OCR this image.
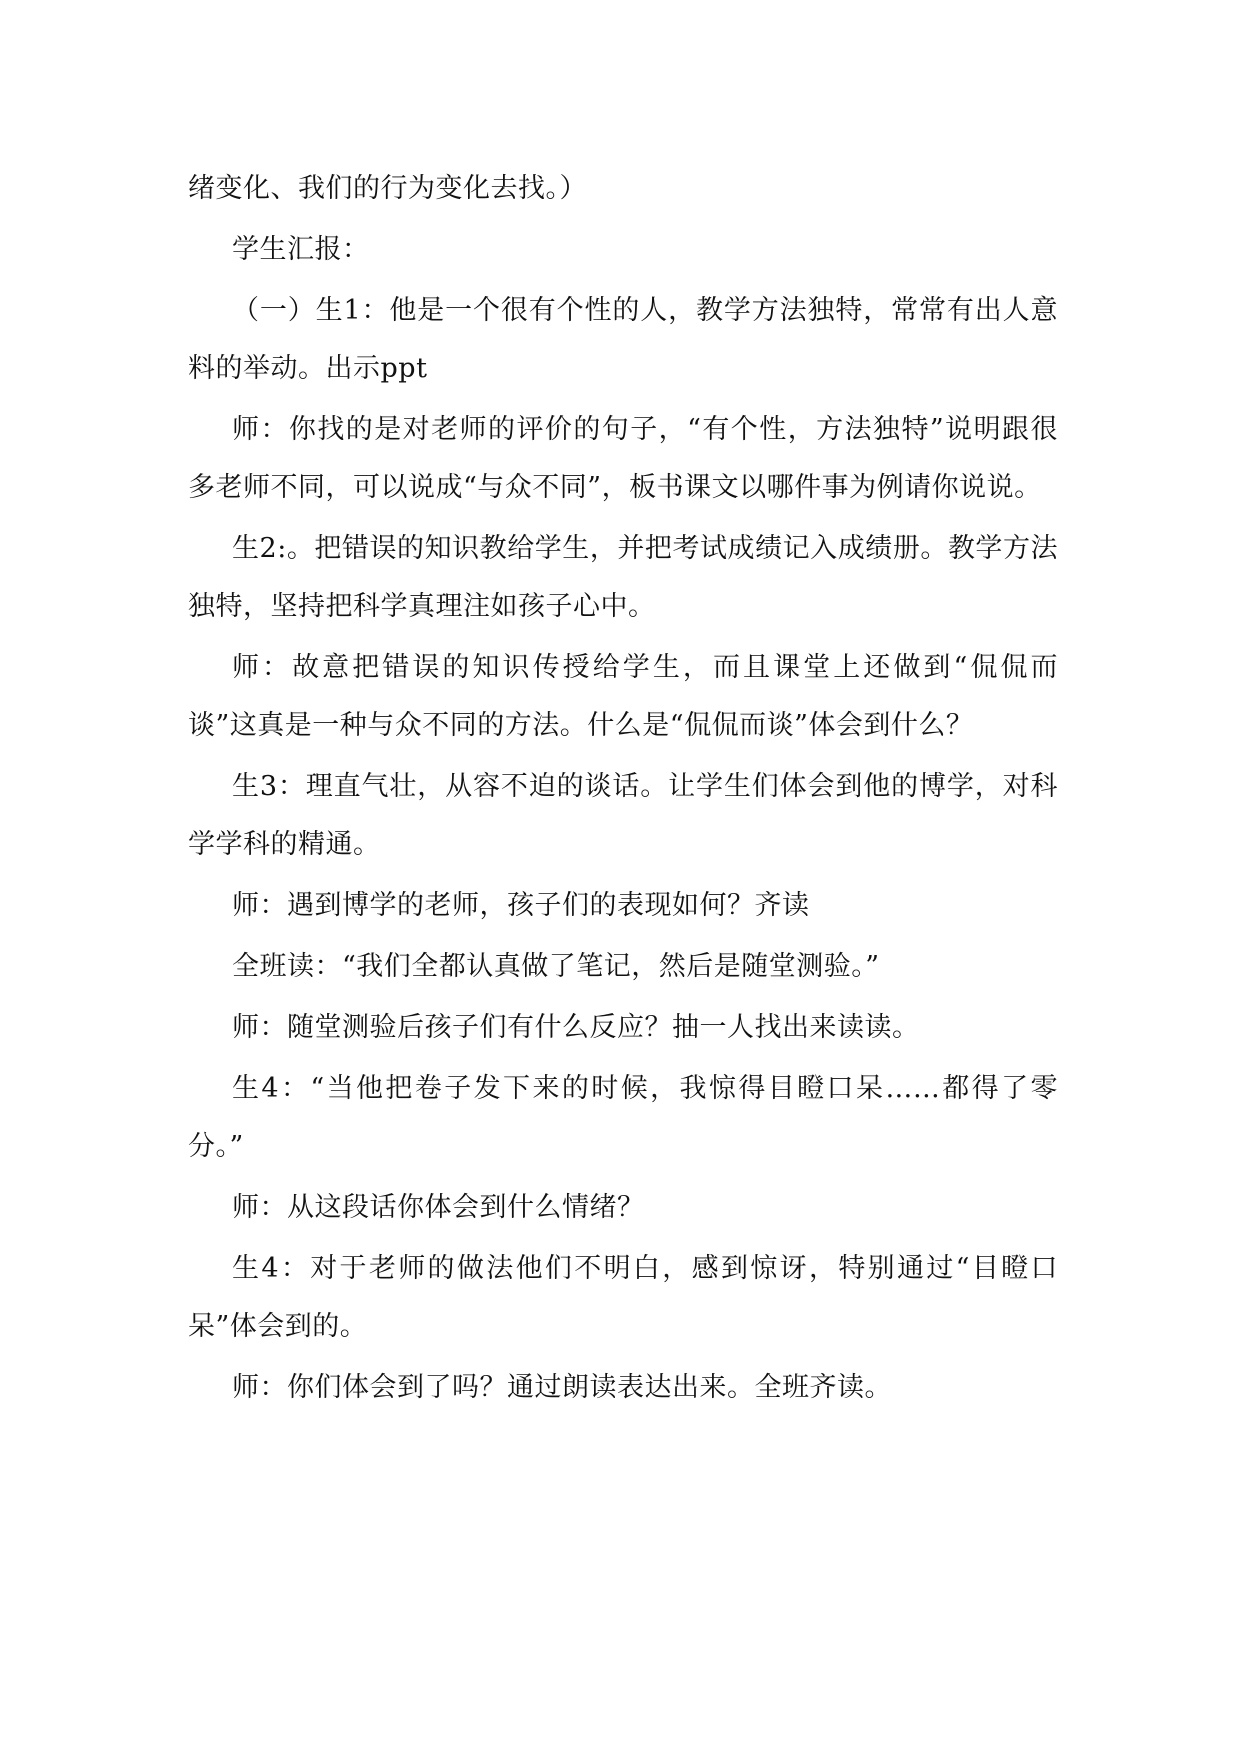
绪变化、我们的行为变化去找。）

学生汇报：

（一）生1：他是一个很有个性的人，教学方法独特，常常有出人意料的举动。出示ppt

师：你找的是对老师的评价的句子，“有个性，方法独特”说明跟很多老师不同，可以说成“与众不同”，板书课文以哪件事为例请你说说。

生2:。把错误的知识教给学生，并把考试成绩记入成绩册。教学方法独特，坚持把科学真理注如孩子心中。

师：故意把错误的知识传授给学生，而且课堂上还做到“侃侃而谈”这真是一种与众不同的方法。什么是“侃侃而谈”体会到什么？

生3：理直气壮，从容不迫的谈话。让学生们体会到他的博学，对科学学科的精通。

师：遇到博学的老师，孩子们的表现如何？齐读

全班读：“我们全都认真做了笔记，然后是随堂测验。”

师：随堂测验后孩子们有什么反应？抽一人找出来读读。

生4：“当他把卷子发下来的时候，我惊得目瞪口呆……都得了零分。”

师：从这段话你体会到什么情绪？

生4：对于老师的做法他们不明白，感到惊讶，特别通过“目瞪口呆”体会到的。

师：你们体会到了吗？通过朗读表达出来。全班齐读。
